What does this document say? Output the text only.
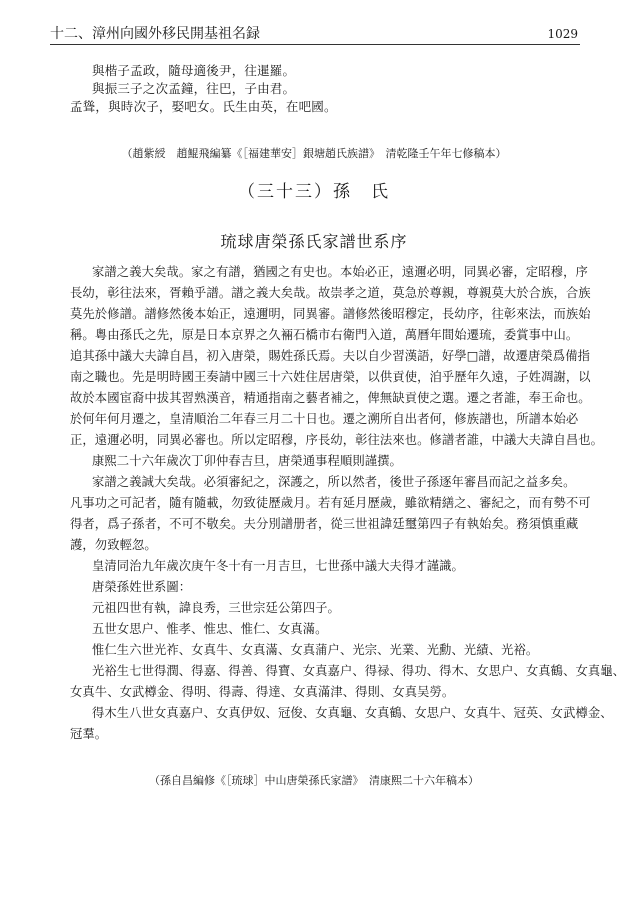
十二、漳州向國外移民開基祖名録	1029
與楷子孟政，隨母適後尹，往暹羅。
與振三子之次孟鐘，往巴，子由君。
孟聳，與時次子，娶吧女。氏生由英，在吧國。
（趙紫綬　趙鯤飛編纂《［福建華安］銀塘趙氏族譜》　清乾隆壬午年七修稿本）
（三十三）孫　氏
琉球唐榮孫氏家譜世系序
家譜之義大矣哉。家之有譜，猶國之有史也。本始必正，遠邇必明，同異必審，定昭穆，序
長幼，彰往法來，胥賴乎譜。譜之義大矣哉。故崇孝之道，莫急於尊親，尊親莫大於合族，合族
莫先於修譜。譜修然後本始正，遠邇明，同異審。譜修然後昭穆定，長幼序，往彰來法，而族始
稱。粵由孫氏之先，原是日本京界之久裲石橋市右衛門入道，萬曆年間始遷琉，委賞事中山。
追其孫中議大夫諱自昌，初入唐榮，賜姓孫氏焉。夫以自少習漢語，好學□譜，故遷唐榮爲備指
南之職也。先是明時國王奏請中國三十六姓住居唐榮，以供貢使，洎乎歷年久遠，子姓凋謝，以
故於本國宦裔中拔其習熟漢音，精通指南之藝者補之，俾無缺貢使之選。遷之者誰，奉王命也。
於何年何月遷之，皇清順治二年春三月二十日也。遷之溯所自出者何，修族譜也，所譜本始必
正，遠邇必明，同異必審也。所以定昭穆，序長幼，彰往法來也。修譜者誰，中議大夫諱自昌也。
康熙二十六年歲次丁卯仲春吉旦，唐榮通事程順則謹撰。
家譜之義誠大矣哉。必須審紀之，深護之，所以然者，後世子孫逐年審昌而記之益多矣。
凡事功之可記者，隨有隨載，勿致徒歷歲月。若有延月歷歲，雖欲精繕之、審紀之，而有勢不可
得者，爲子孫者，不可不敬矣。夫分別譜册者，從三世祖諱廷璽第四子有執始矣。務須慎重藏
護，勿致輕忽。
皇清同治九年歲次庚午冬十有一月吉旦，七世孫中議大夫得才謹識。
唐榮孫姓世系圖：
元祖四世有執，諱良秀，三世宗廷公第四子。
五世女思户、惟孝、惟忠、惟仁、女真滿。
惟仁生六世光祚、女真牛、女真滿、女真蒲户、光宗、光業、光勳、光績、光裕。
光裕生七世得潤、得嘉、得善、得寶、女真嘉户、得禄、得功、得木、女思户、女真鶴、女真龜、
女真牛、女武樽金、得明、得壽、得達、女真滿津、得則、女真吴勞。
得木生八世女真嘉户、女真伊奴、冠俊、女真龜、女真鶴、女思户、女真牛、冠英、女武樽金、
冠羣。
（孫自昌編修《［琉球］中山唐榮孫氏家譜》　清康熙二十六年稿本）
